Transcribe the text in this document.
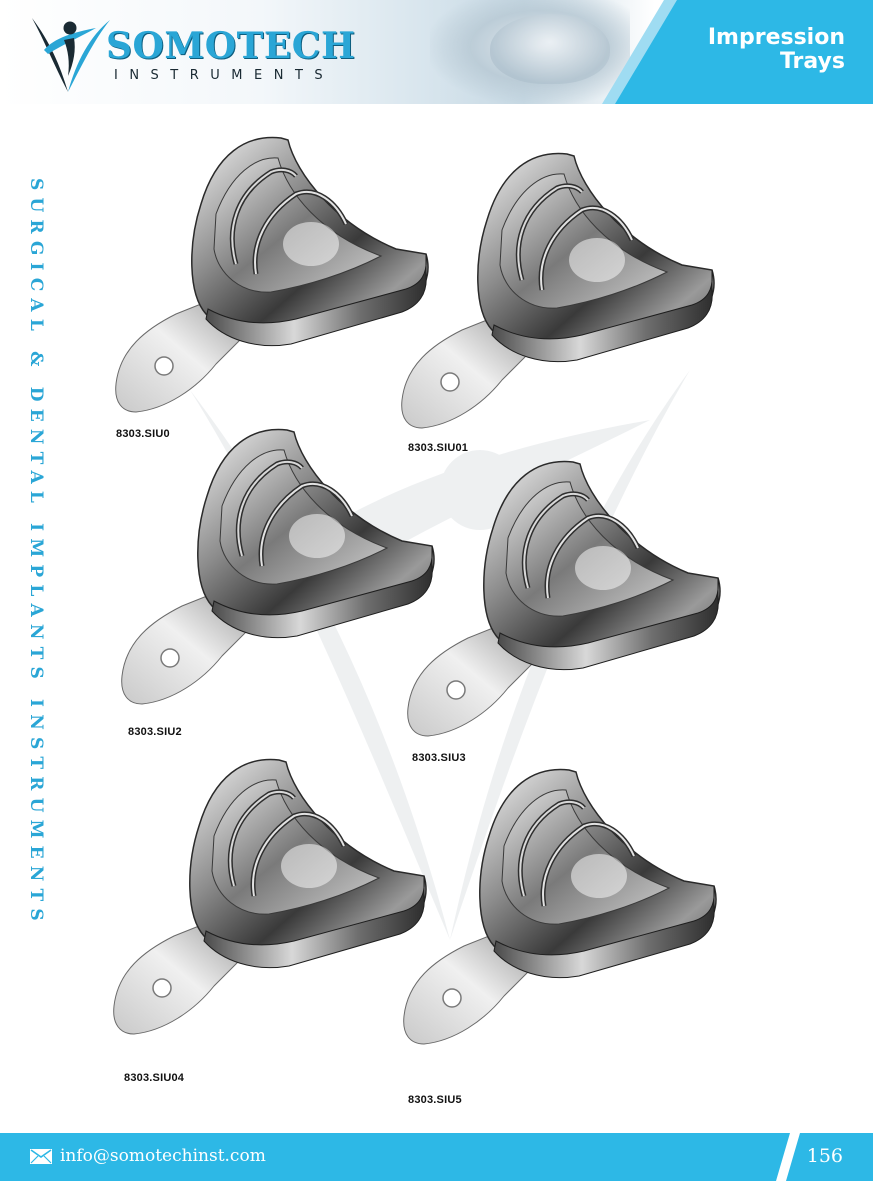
Impression
Trays
SOMOTECH
INSTRUMENTS
SURGICAL & DENTAL IMPLANTS INSTRUMENTS	8303.SIU0
8303.SIU01
8303.SIU2
8303.SIU3
8303.SIU04
8303.SIU5
info@somotechinst.com	156
